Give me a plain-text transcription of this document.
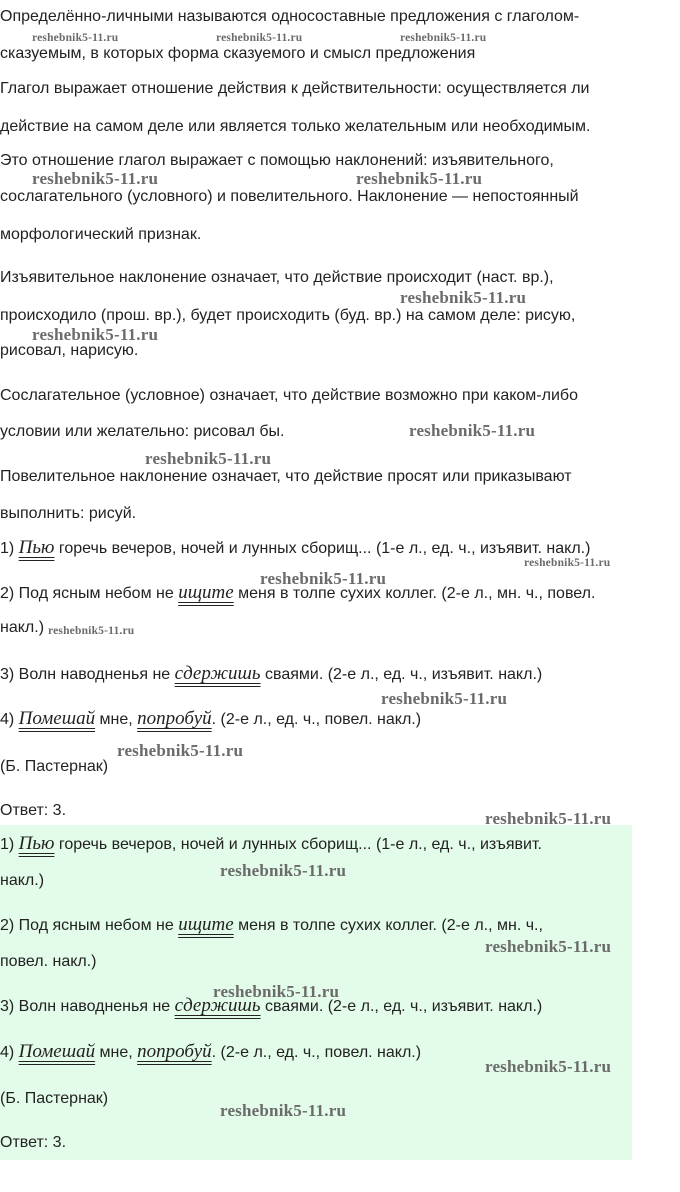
Определённо-личными называются односоставные предложения с глаголом-
сказуемым, в которых форма сказуемого и смысл предложения
Глагол выражает отношение действия к действительности: осуществляется ли
действие на самом деле или является только желательным или необходимым.
Это отношение глагол выражает с помощью наклонений: изъявительного,
сослагательного (условного) и повелительного. Наклонение — непостоянный
морфологический признак.
Изъявительное наклонение означает, что действие происходит (наст. вр.),
происходило (прош. вр.), будет происходить (буд. вр.) на самом деле: рисую,
рисовал, нарисую.
Сослагательное (условное) означает, что действие возможно при каком-либо
условии или желательно: рисовал бы.
Повелительное наклонение означает, что действие просят или приказывают
выполнить: рисуй.
1) Пью горечь вечеров, ночей и лунных сборищ... (1-е л., ед. ч., изъявит. накл.)
2) Под ясным небом не ищите меня в толпе сухих коллег. (2-е л., мн. ч., повел.
накл.)
3) Волн наводненья не сдержишь сваями. (2-е л., ед. ч., изъявит. накл.)
4) Помешай мне, попробуй. (2-е л., ед. ч., повел. накл.)
(Б. Пастернак)
Ответ: 3.
1) Пью горечь вечеров, ночей и лунных сборищ... (1-е л., ед. ч., изъявит.
накл.)
2) Под ясным небом не ищите меня в толпе сухих коллег. (2-е л., мн. ч.,
повел. накл.)
3) Волн наводненья не сдержишь сваями. (2-е л., ед. ч., изъявит. накл.)
4) Помешай мне, попробуй. (2-е л., ед. ч., повел. накл.)
(Б. Пастернак)
Ответ: 3.
reshebnik5-11.ru	reshebnik5-11.ru	reshebnik5-11.ru
reshebnik5-11.ru	reshebnik5-11.ru
reshebnik5-11.ru
reshebnik5-11.ru
reshebnik5-11.ru
reshebnik5-11.ru
reshebnik5-11.ru
reshebnik5-11.ru
reshebnik5-11.ru
reshebnik5-11.ru
reshebnik5-11.ru
reshebnik5-11.ru
reshebnik5-11.ru
reshebnik5-11.ru
reshebnik5-11.ru
reshebnik5-11.ru
reshebnik5-11.ru
